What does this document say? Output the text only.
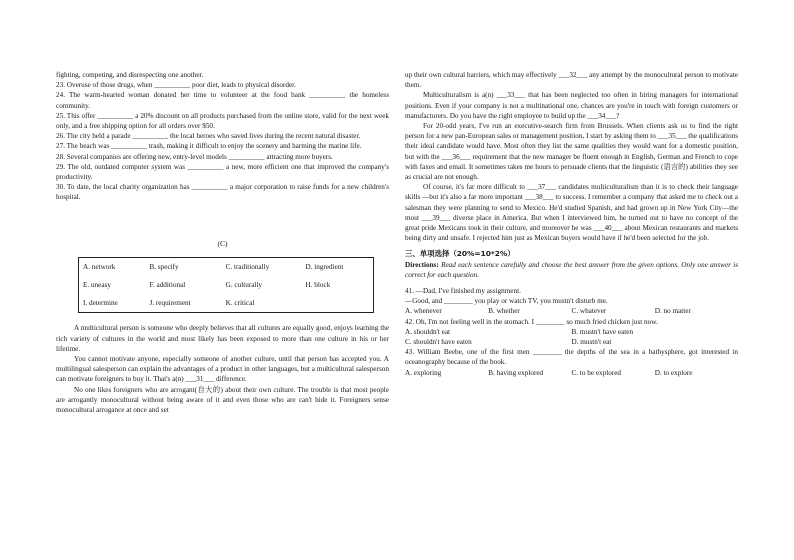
fighting, competing, and disrespecting one another.

23. Overuse of those drugs, when __________ poor diet, leads to physical disorder.

24. The warm-hearted woman donated her time to volunteer at the food bank __________ the homeless community.

25. This offer __________ a 20% discount on all products purchased from the online store, valid for the next week only, and a free shipping option for all orders over $50.

26. The city held a parade __________ the local heroes who saved lives during the recent natural disaster.

27. The beach was __________ trash, making it difficult to enjoy the scenery and harming the marine life.

28. Several companies are offering new, entry-level models __________ attracting more buyers.

29. The old, outdated computer system was __________ a new, more efficient one that improved the company's productivity.

30. To date, the local charity organization has __________ a major corporation to raise funds for a new children's hospital.

(C)
A. network	B. specify	C. traditionally	D. ingredient
E. uneasy	F. additional	G. culturally	H. block
I. determine	J. requirement	K. critical	

A multicultural person is someone who deeply believes that all cultures are equally good, enjoys learning the rich variety of cultures in the world and most likely has been exposed to more than one culture in his or her lifetime.

You cannot motivate anyone, especially someone of another culture, until that person has accepted you. A multilingual salesperson can explain the advantages of a product in other languages, but a multicultural salesperson can motivate foreigners to buy it. That's a(n) ___31___ difference.

No one likes foreigners who are arrogant(自大的) about their own culture. The trouble is that most people are arrogantly monocultural without being aware of it and even those who are can't hide it. Foreigners sense monocultural arrogance at once and set

up their own cultural barriers, which may effectively ___32___ any attempt by the monocultural person to motivate them.

Multiculturalism is a(n) ___33___ that has been neglected too often in hiring managers for international positions. Even if your company is not a multinational one, chances are you're in touch with foreign customers or manufacturers. Do you have the right employee to build up the ___34___?

For 20-odd years, I've run an executive-search firm from Brussels. When clients ask us to find the right person for a new pan-European sales or management position, I start by asking them to ___35___ the qualifications their ideal candidate would have. Most often they list the same qualities they would want for a domestic position, but with the ___36___ requirement that the new manager be fluent enough in English, German and French to cope with faxes and email. It sometimes takes me hours to persuade clients that the linguistic (语言的) abilities they see as crucial are not enough.

Of course, it's far more difficult to ___37___ candidates multiculturalism than it is to check their language skills —but it's also a far more important ___38___ to success. I remember a company that asked me to check out a salesman they were planning to send to Mexico. He'd studied Spanish, and had grown up in New York City—the most ___39___ diverse place in America. But when I interviewed him, he turned out to have no concept of the great pride Mexicans took in their culture, and moreover he was ___40___ about Mexican restaurants and markets being dirty and unsafe. I rejected him just as Mexican buyers would have if he'd been selected for the job.

三、单项选择（20%=10*2%）

Directions: Read each sentence carefully and choose the best answer from the given options. Only one answer is correct for each question.

41. —Dad, I've finished my assignment.

—Good, and ________ you play or watch TV, you mustn't disturb me.

A. whenever	B. whether	C. whatever	D. no matter

42. Oh, I'm not feeling well in the stomach. I ________ so much fried chicken just now.

A. shouldn't eat	B. mustn't have eaten
C. shouldn't have eaten	D. mustn't eat

43. William Beebe, one of the first men ________ the depths of the sea in a bathysphere, got interested in oceanography because of the book.

A. exploring	B. having explored	C. to be explored	D. to explore
